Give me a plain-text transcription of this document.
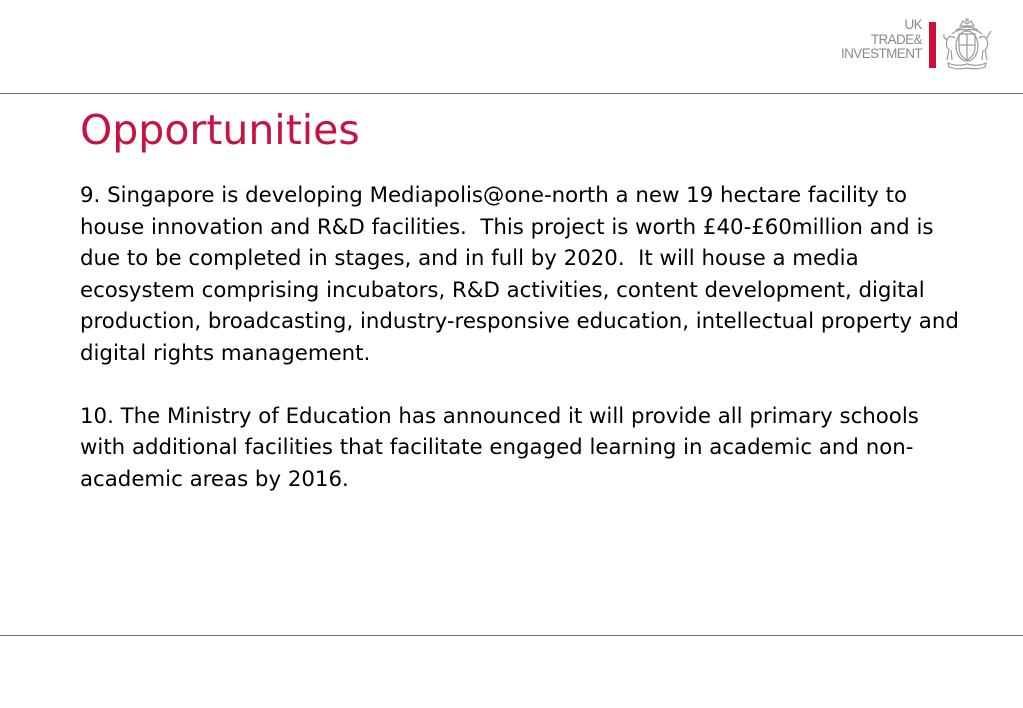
UK
TRADE&
INVESTMENT
Opportunities

9. Singapore is developing Mediapolis@one-north a new 19 hectare facility to house innovation and R&D facilities.  This project is worth £40-£60million and is due to be completed in stages, and in full by 2020.  It will house a media ecosystem comprising incubators, R&D activities, content development, digital production, broadcasting, industry-responsive education, intellectual property and digital rights management.

10. The Ministry of Education has announced it will provide all primary schools with additional facilities that facilitate engaged learning in academic and non-academic areas by 2016.
